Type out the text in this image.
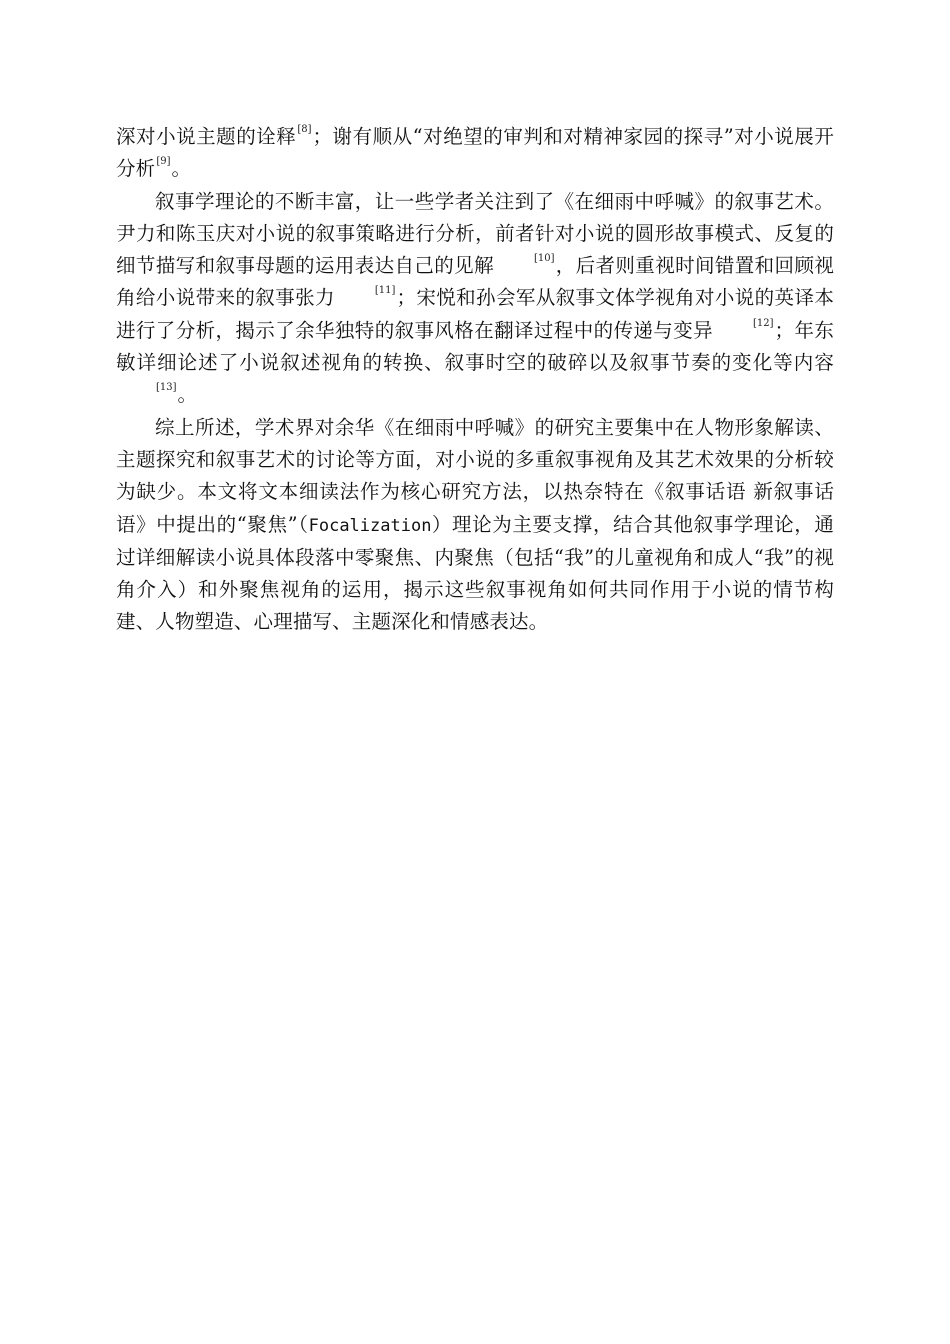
深对小说主题的诠释[8]；谢有顺从“对绝望的审判和对精神家园的探寻”对小说展开分析[9]。

叙事学理论的不断丰富，让一些学者关注到了《在细雨中呼喊》的叙事艺术。尹力和陈玉庆对小说的叙事策略进行分析，前者针对小说的圆形故事模式、反复的细节描写和叙事母题的运用表达自己的见解	[10]，后者则重视时间错置和回顾视角给小说带来的叙事张力	[11]；宋悦和孙会军从叙事文体学视角对小说的英译本进行了分析，揭示了余华独特的叙事风格在翻译过程中的传递与变异	[12]；年东敏详细论述了小说叙述视角的转换、叙事时空的破碎以及叙事节奏的变化等内容[13]。

综上所述，学术界对余华《在细雨中呼喊》的研究主要集中在人物形象解读、主题探究和叙事艺术的讨论等方面，对小说的多重叙事视角及其艺术效果的分析较为缺少。本文将文本细读法作为核心研究方法，以热奈特在《叙事话语 新叙事话语》中提出的“聚焦”（Focalization）理论为主要支撑，结合其他叙事学理论，通过详细解读小说具体段落中零聚焦、内聚焦（包括“我”的儿童视角和成人“我”的视角介入）和外聚焦视角的运用，揭示这些叙事视角如何共同作用于小说的情节构建、人物塑造、心理描写、主题深化和情感表达。
